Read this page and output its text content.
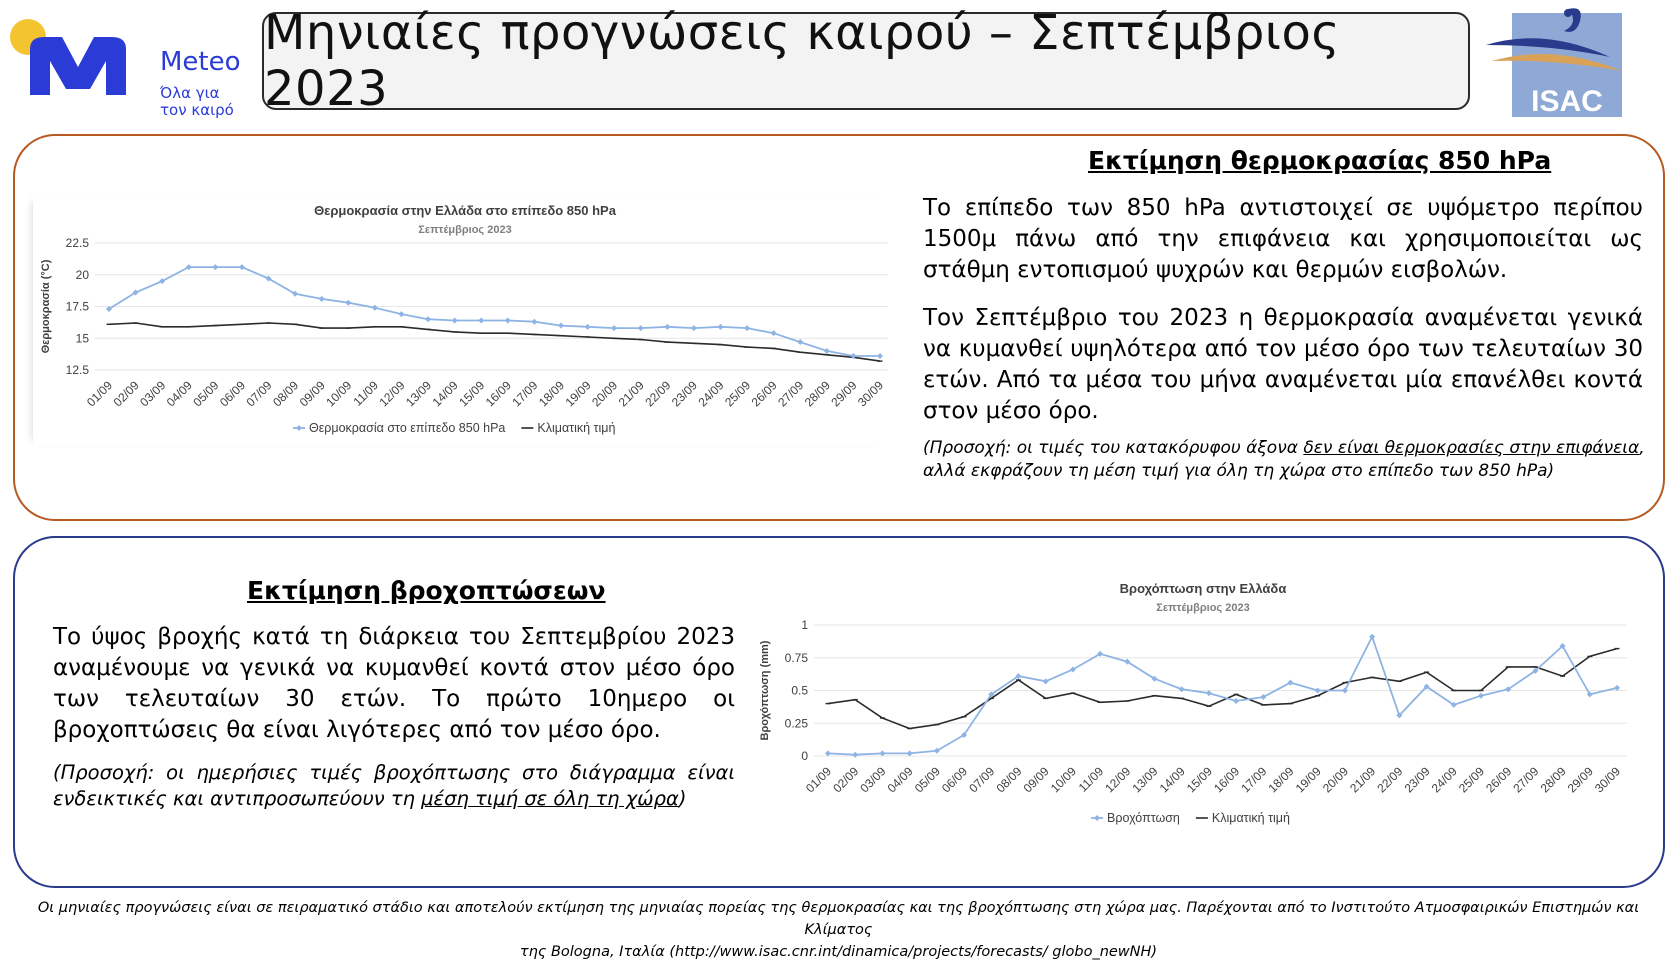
Meteo
Όλα για
τον καιρό
Μηνιαίες προγνώσεις καιρού – Σεπτέμβριος 2023	ISAC
Θερμοκρασία στην Ελλάδα στο επίπεδο 850 hPa
Σεπτέμβριος 2023
12.5
15
17.5
20
22.5
Θερμοκρασία (°C)
01/09
02/09
03/09
04/09
05/09
06/09
07/09
08/09
09/09
10/09
11/09
12/09
13/09
14/09
15/09
16/09
17/09
18/09
19/09
20/09
21/09
22/09
23/09
24/09
25/09
26/09
27/09
28/09
29/09
30/09
Θερμοκρασία στο επίπεδο 850 hPa	Κλιματική τιμή
Εκτίμηση θερμοκρασίας 850 hPa
Το επίπεδο των 850 hPa αντιστοιχεί σε υψόμετρο περίπου 1500μ πάνω από την επιφάνεια και χρησιμοποιείται ως στάθμη εντοπισμού ψυχρών και θερμών εισβολών.
Τον Σεπτέμβριο του 2023 η θερμοκρασία αναμένεται γενικά να κυμανθεί υψηλότερα από τον μέσο όρο των τελευταίων 30 ετών. Από τα μέσα του μήνα αναμένεται μία επανέλθει κοντά στον μέσο όρο.
(Προσοχή: οι τιμές του κατακόρυφου άξονα δεν είναι θερμοκρασίες στην επιφάνεια, αλλά εκφράζουν τη μέση τιμή για όλη τη χώρα στο επίπεδο των 850 hPa)
Εκτίμηση βροχοπτώσεων
Το ύψος βροχής κατά τη διάρκεια του Σεπτεμβρίου 2023 αναμένουμε να γενικά να κυμανθεί κοντά στον μέσο όρο των τελευταίων 30 ετών. Το πρώτο 10ημερο οι βροχοπτώσεις θα είναι λιγότερες από τον μέσο όρο.
(Προσοχή: οι ημερήσιες τιμές βροχόπτωσης στο διάγραμμα είναι ενδεικτικές και αντιπροσωπεύουν τη μέση τιμή σε όλη τη χώρα)
Βροχόπτωση στην Ελλάδα
Σεπτέμβριος 2023
0
0.25
0.5
0.75
1
Βροχόπτωση (mm)
01/09
02/09
03/09
04/09
05/09
06/09
07/09
08/09
09/09
10/09
11/09
12/09
13/09
14/09
15/09
16/09
17/09
18/09
19/09
20/09
21/09
22/09
23/09
24/09
25/09
26/09
27/09
28/09
29/09
30/09
Βροχόπτωση	Κλιματική τιμή
Οι μηνιαίες προγνώσεις είναι σε πειραματικό στάδιο και αποτελούν εκτίμηση της μηνιαίας πορείας της θερμοκρασίας και της βροχόπτωσης στη χώρα μας. Παρέχονται από το Ινστιτούτο Ατμοσφαιρικών Επιστημών και Κλίματος
της Bologna, Ιταλία (http://www.isac.cnr.int/dinamica/projects/forecasts/ globo_newNH)
